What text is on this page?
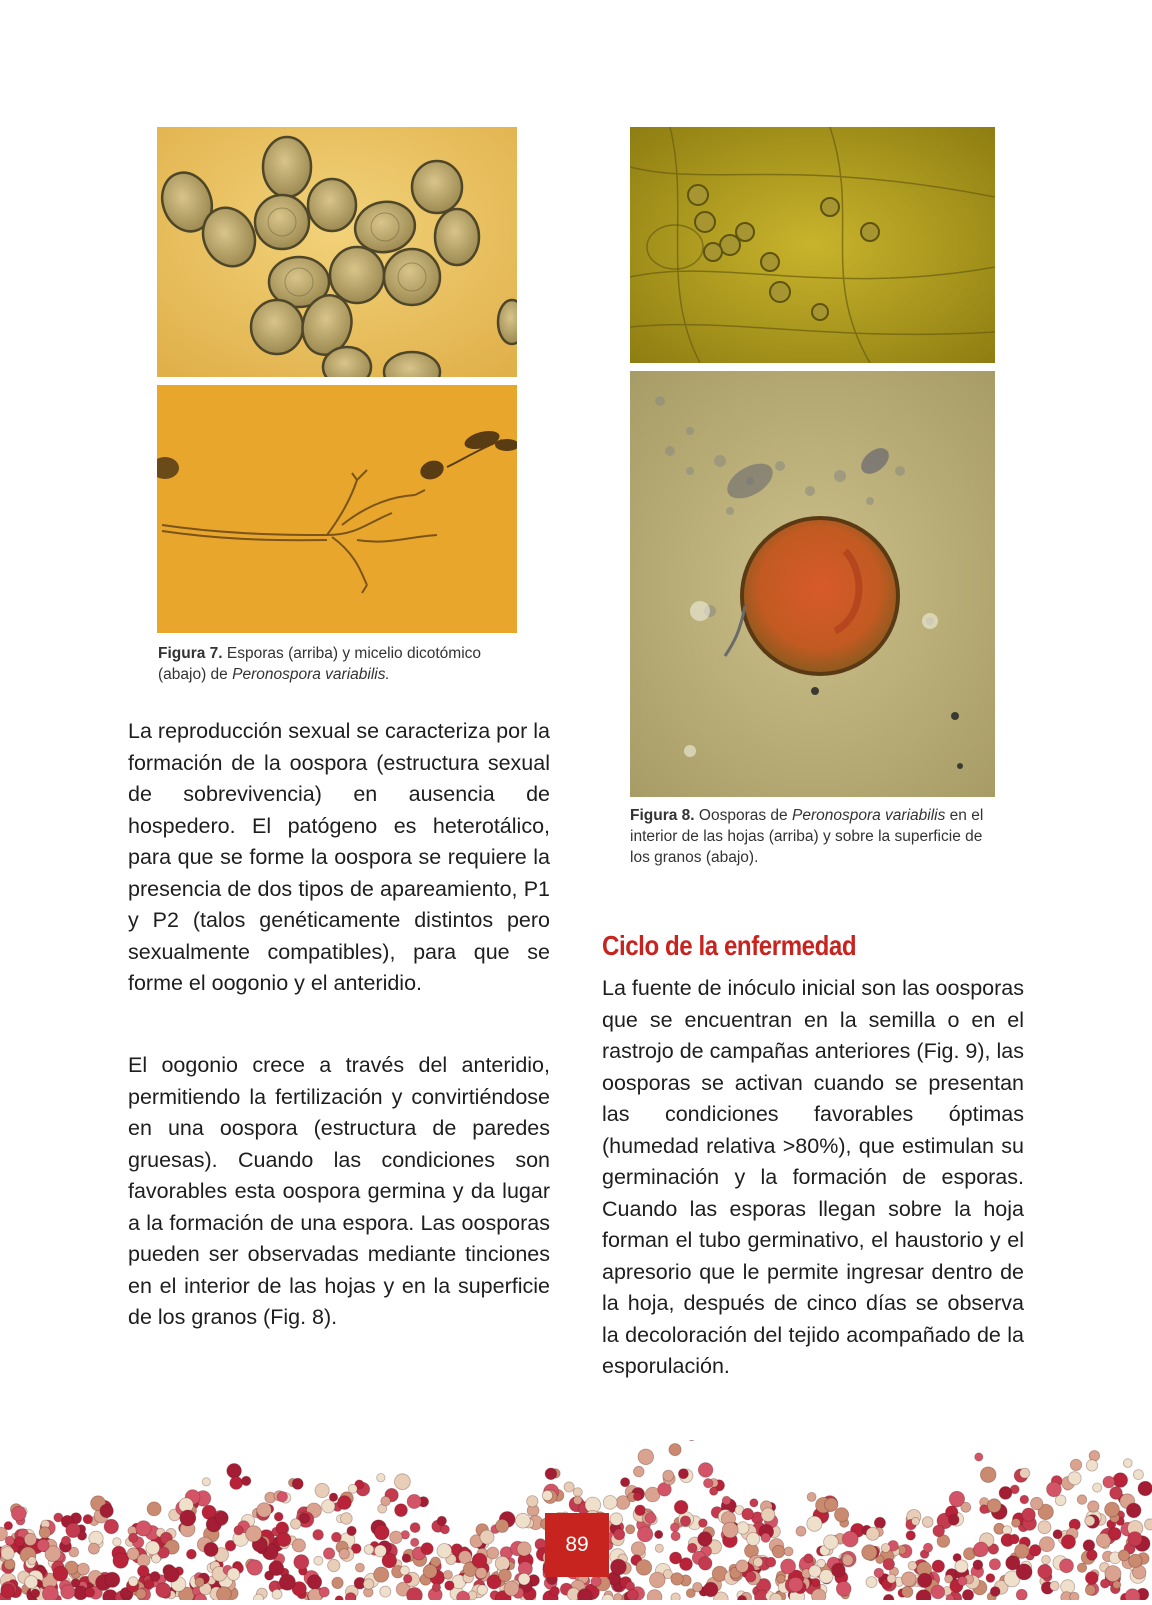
Figura 7. Esporas (arriba) y micelio dicotómico (abajo) de Peronospora variabilis.
Figura 8. Oosporas de Peronospora variabilis en el interior de las hojas (arriba) y sobre la superficie de los granos (abajo).

La reproducción sexual se caracteriza por la formación de la oospora (estructura sexual de sobrevivencia) en ausencia de hospedero. El patógeno es heterotálico, para que se forme la oospora se requiere la presencia de dos tipos de apareamiento, P1 y P2 (talos genéticamente distintos pero sexualmente compatibles), para que se forme el oogonio y el anteridio.

El oogonio crece a través del anteridio, permitiendo la fertilización y convirtiéndose en una oospora (estructura de paredes gruesas). Cuando las condiciones son favorables esta oospora germina y da lugar a la formación de una espora. Las oosporas pueden ser observadas mediante tinciones en el interior de las hojas y en la superficie de los granos (Fig. 8).

Ciclo de la enfermedad

La fuente de inóculo inicial son las oosporas que se encuentran en la semilla o en el rastrojo de campañas anteriores (Fig. 9), las oosporas se activan cuando se presentan las condiciones favorables óptimas (humedad relativa >80%), que estimulan su germinación y la formación de esporas. Cuando las esporas llegan sobre la hoja forman el tubo germinativo, el haustorio y el apresorio que le permite ingresar dentro de la hoja, después de cinco días se observa la decoloración del tejido acompañado de la esporulación.

89
